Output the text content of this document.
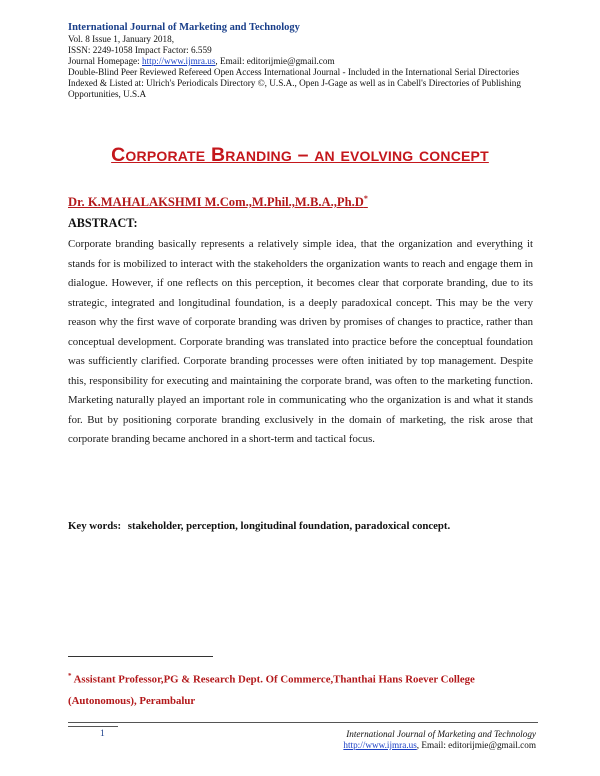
International Journal of Marketing and Technology
Vol. 8 Issue 1, January 2018,
ISSN: 2249-1058 Impact Factor: 6.559
Journal Homepage: http://www.ijmra.us, Email: editorijmie@gmail.com
Double-Blind Peer Reviewed Refereed Open Access International Journal - Included in the International Serial Directories Indexed & Listed at: Ulrich's Periodicals Directory ©, U.S.A., Open J-Gage as well as in Cabell's Directories of Publishing Opportunities, U.S.A
Corporate Branding – an evolving concept
Dr. K.MAHALAKSHMI M.Com.,M.Phil.,M.B.A.,Ph.D*
ABSTRACT:
Corporate branding basically represents a relatively simple idea, that the organization and everything it stands for is mobilized to interact with the stakeholders the organization wants to reach and engage them in dialogue. However, if one reflects on this perception, it becomes clear that corporate branding, due to its strategic, integrated and longitudinal foundation, is a deeply paradoxical concept. This may be the very reason why the first wave of corporate branding was driven by promises of changes to practice, rather than conceptual development. Corporate branding was translated into practice before the conceptual foundation was sufficiently clarified. Corporate branding processes were often initiated by top management. Despite this, responsibility for executing and maintaining the corporate brand, was often to the marketing function. Marketing naturally played an important role in communicating who the organization is and what it stands for. But by positioning corporate branding exclusively in the domain of marketing, the risk arose that corporate branding became anchored in a short-term and tactical focus.
Key words: stakeholder, perception, longitudinal foundation, paradoxical concept.
* Assistant Professor,PG & Research Dept. Of Commerce,Thanthai Hans Roever College (Autonomous), Perambalur
1	International Journal of Marketing and Technology
http://www.ijmra.us, Email: editorijmie@gmail.com
